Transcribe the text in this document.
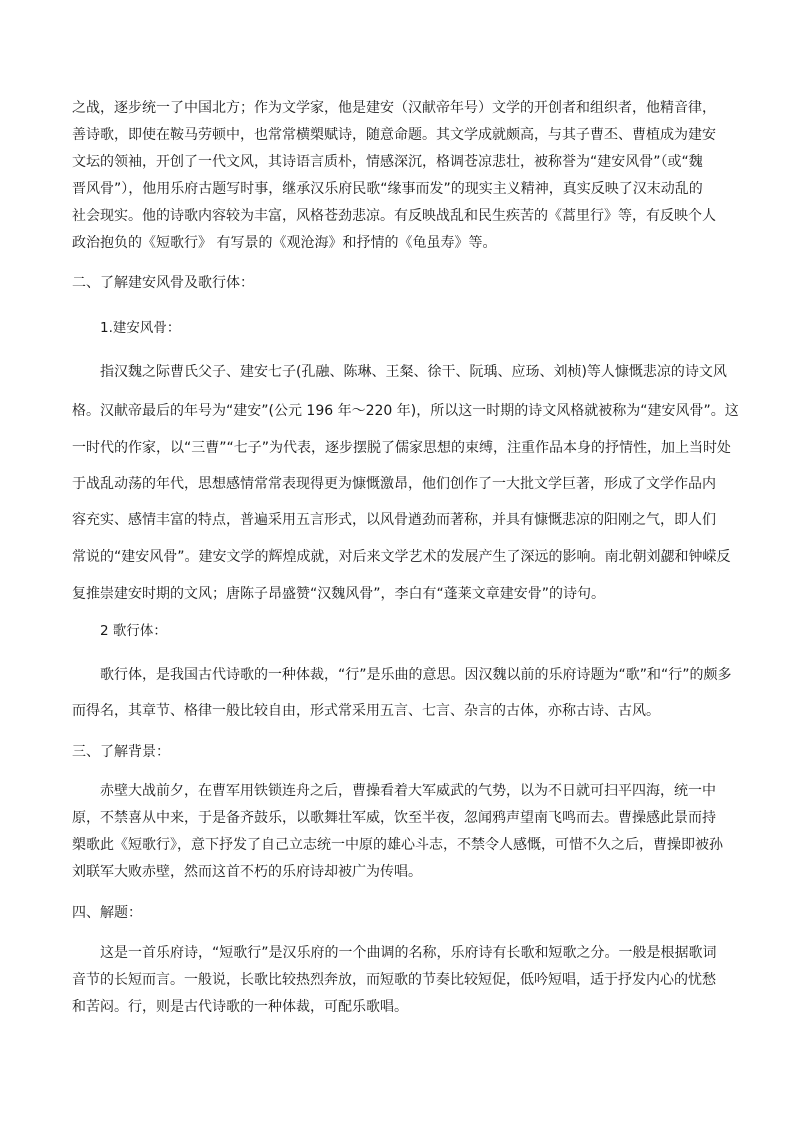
之战，逐步统一了中国北方；作为文学家，他是建安（汉献帝年号）文学的开创者和组织者，他精音律，
善诗歌，即使在鞍马劳顿中，也常常横槊赋诗，随意命题。其文学成就颇高，与其子曹丕、曹植成为建安
文坛的领袖，开创了一代文风，其诗语言质朴，情感深沉，格调苍凉悲壮，被称誉为“建安风骨”（或“魏
晋风骨”），他用乐府古题写时事，继承汉乐府民歌“缘事而发”的现实主义精神，真实反映了汉末动乱的
社会现实。他的诗歌内容较为丰富，风格苍劲悲凉。有反映战乱和民生疾苦的《蒿里行》等，有反映个人
政治抱负的《短歌行》 有写景的《观沧海》和抒情的《龟虽寿》等。
二、了解建安风骨及歌行体：
1.建安风骨：
指汉魏之际曹氏父子、建安七子(孔融、陈琳、王粲、徐干、阮瑀、应玚、刘桢)等人慷慨悲凉的诗文风
格。汉献帝最后的年号为“建安”(公元 196 年～220 年)，所以这一时期的诗文风格就被称为“建安风骨”。这
一时代的作家，以“三曹”“七子”为代表，逐步摆脱了儒家思想的束缚，注重作品本身的抒情性，加上当时处
于战乱动荡的年代，思想感情常常表现得更为慷慨激昂，他们创作了一大批文学巨著，形成了文学作品内
容充实、感情丰富的特点，普遍采用五言形式，以风骨遒劲而著称，并具有慷慨悲凉的阳刚之气，即人们
常说的“建安风骨”。建安文学的辉煌成就，对后来文学艺术的发展产生了深远的影响。南北朝刘勰和钟嵘反
复推崇建安时期的文风；唐陈子昂盛赞“汉魏风骨”，李白有“蓬莱文章建安骨”的诗句。
2 歌行体：
歌行体，是我国古代诗歌的一种体裁，“行”是乐曲的意思。因汉魏以前的乐府诗题为“歌”和“行”的颇多
而得名，其章节、格律一般比较自由，形式常采用五言、七言、杂言的古体，亦称古诗、古风。
三、了解背景：
赤壁大战前夕，在曹军用铁锁连舟之后，曹操看着大军威武的气势，以为不日就可扫平四海，统一中
原，不禁喜从中来，于是备齐鼓乐，以歌舞壮军威，饮至半夜，忽闻鸦声望南飞鸣而去。曹操感此景而持
槊歌此《短歌行》，意下抒发了自己立志统一中原的雄心斗志，不禁令人感慨，可惜不久之后，曹操即被孙
刘联军大败赤壁，然而这首不朽的乐府诗却被广为传唱。
四、解题：
这是一首乐府诗，“短歌行”是汉乐府的一个曲调的名称，乐府诗有长歌和短歌之分。一般是根据歌词
音节的长短而言。一般说，长歌比较热烈奔放，而短歌的节奏比较短促，低吟短唱，适于抒发内心的忧愁
和苦闷。行，则是古代诗歌的一种体裁，可配乐歌唱。
